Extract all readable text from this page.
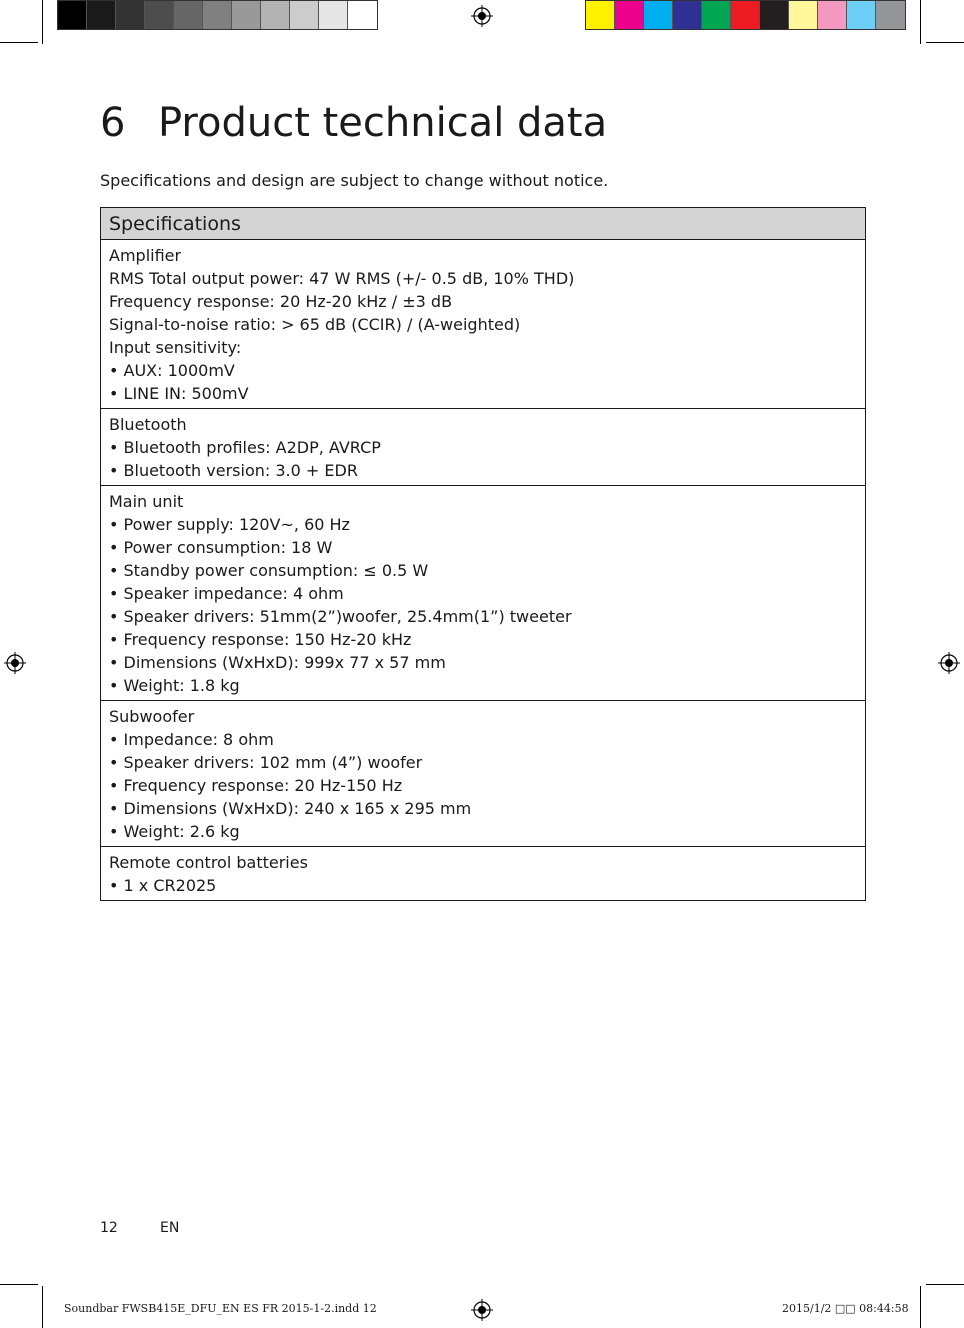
6 Product technical data

Specifications and design are subject to change without notice.

Specifications
Amplifier
RMS Total output power: 47 W RMS (+/- 0.5 dB, 10% THD)
Frequency response: 20 Hz-20 kHz / ±3 dB
Signal-to-noise ratio: > 65 dB (CCIR) / (A-weighted)
Input sensitivity:
• AUX: 1000mV
• LINE IN: 500mV
Bluetooth
• Bluetooth profiles: A2DP, AVRCP
• Bluetooth version: 3.0 + EDR
Main unit
• Power supply: 120V~, 60 Hz
• Power consumption: 18 W
• Standby power consumption: ≤ 0.5 W
• Speaker impedance: 4 ohm
• Speaker drivers: 51mm(2”)woofer, 25.4mm(1”) tweeter
• Frequency response: 150 Hz-20 kHz
• Dimensions (WxHxD): 999x 77 x 57 mm
• Weight: 1.8 kg
Subwoofer
• Impedance: 8 ohm
• Speaker drivers: 102 mm (4”) woofer
• Frequency response: 20 Hz-150 Hz
• Dimensions (WxHxD): 240 x 165 x 295 mm
• Weight: 2.6 kg
Remote control batteries
• 1 x CR2025
12	EN
Soundbar FWSB415E_DFU_EN ES FR 2015-1-2.indd 12	2015/1/2 □□ 08:44:58
